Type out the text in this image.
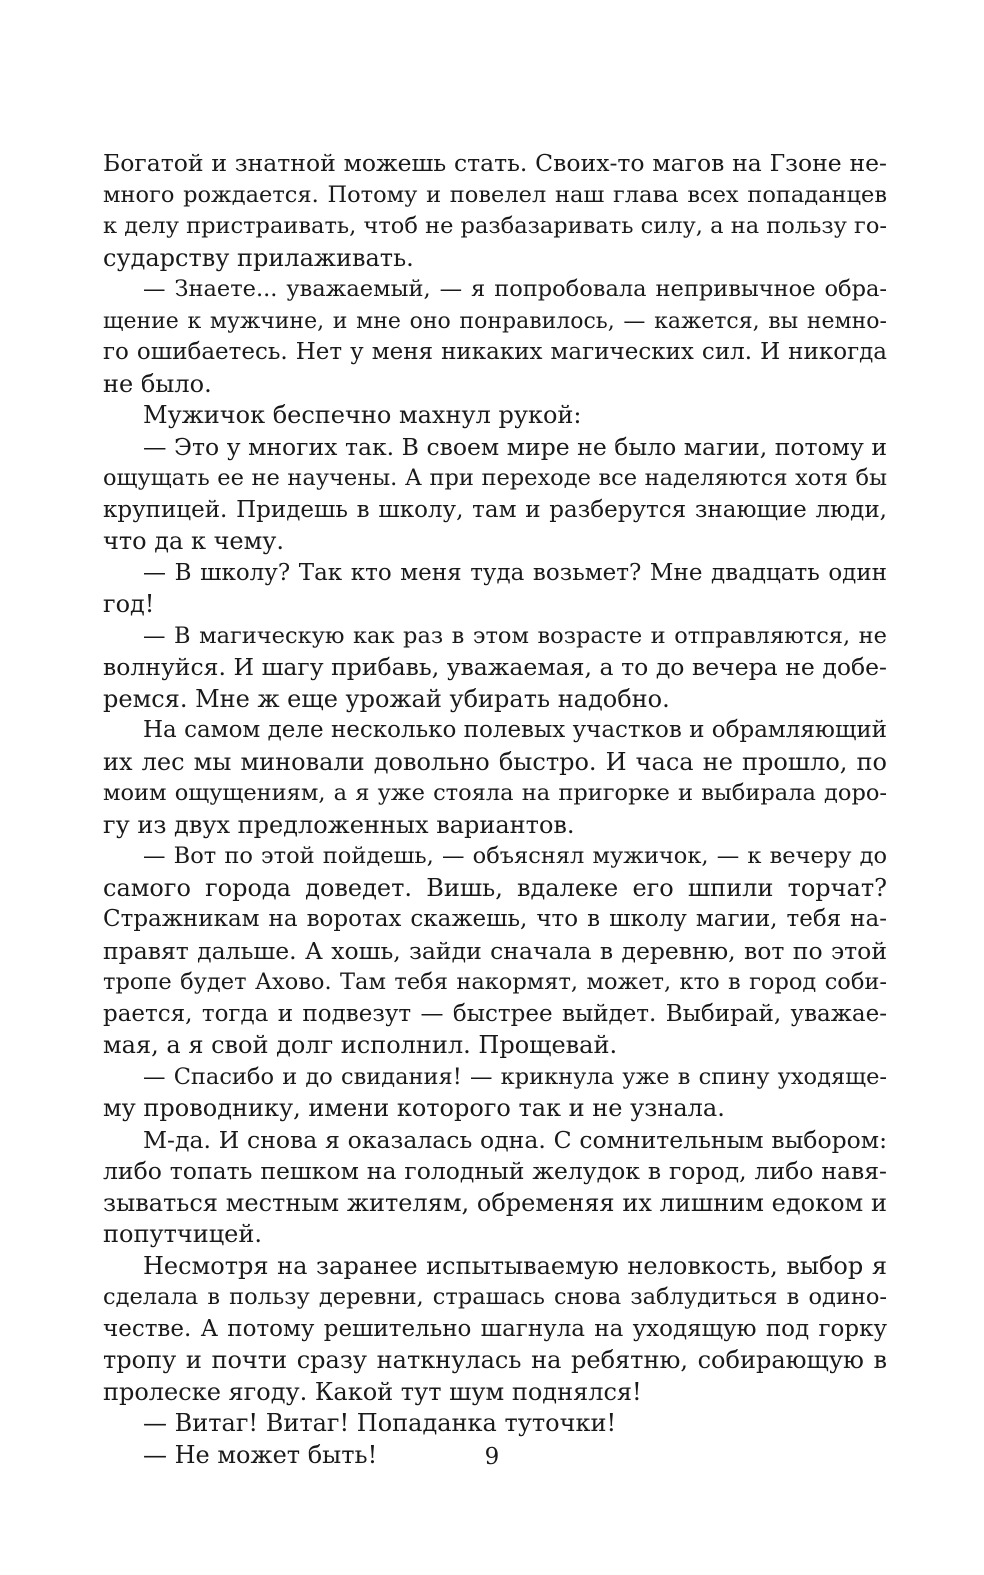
Богатой и знатной можешь стать. Своих-то магов на Гзоне не-
много рождается. Потому и повелел наш глава всех попаданцев
к делу пристраивать, чтоб не разбазаривать силу, а на пользу го-
сударству прилаживать.
— Знаете... уважаемый, — я попробовала непривычное обра-
щение к мужчине, и мне оно понравилось, — кажется, вы немно-
го ошибаетесь. Нет у меня никаких магических сил. И никогда
не было.
Мужичок беспечно махнул рукой:
— Это у многих так. В своем мире не было магии, потому и
ощущать ее не научены. А при переходе все наделяются хотя бы
крупицей. Придешь в школу, там и разберутся знающие люди,
что да к чему.
— В школу? Так кто меня туда возьмет? Мне двадцать один
год!
— В магическую как раз в этом возрасте и отправляются, не
волнуйся. И шагу прибавь, уважаемая, а то до вечера не добе-
ремся. Мне ж еще урожай убирать надобно.
На самом деле несколько полевых участков и обрамляющий
их лес мы миновали довольно быстро. И часа не прошло, по
моим ощущениям, а я уже стояла на пригорке и выбирала доро-
гу из двух предложенных вариантов.
— Вот по этой пойдешь, — объяснял мужичок, — к вечеру до
самого города доведет. Вишь, вдалеке его шпили торчат?
Стражникам на воротах скажешь, что в школу магии, тебя на-
правят дальше. А хошь, зайди сначала в деревню, вот по этой
тропе будет Ахово. Там тебя накормят, может, кто в город соби-
рается, тогда и подвезут — быстрее выйдет. Выбирай, уважае-
мая, а я свой долг исполнил. Прощевай.
— Спасибо и до свидания! — крикнула уже в спину уходяще-
му проводнику, имени которого так и не узнала.
М-да. И снова я оказалась одна. С сомнительным выбором:
либо топать пешком на голодный желудок в город, либо навя-
зываться местным жителям, обременяя их лишним едоком и
попутчицей.
Несмотря на заранее испытываемую неловкость, выбор я
сделала в пользу деревни, страшась снова заблудиться в одино-
честве. А потому решительно шагнула на уходящую под горку
тропу и почти сразу наткнулась на ребятню, собирающую в
пролеске ягоду. Какой тут шум поднялся!
— Витаг! Витаг! Попаданка туточки!
— Не может быть!	9
